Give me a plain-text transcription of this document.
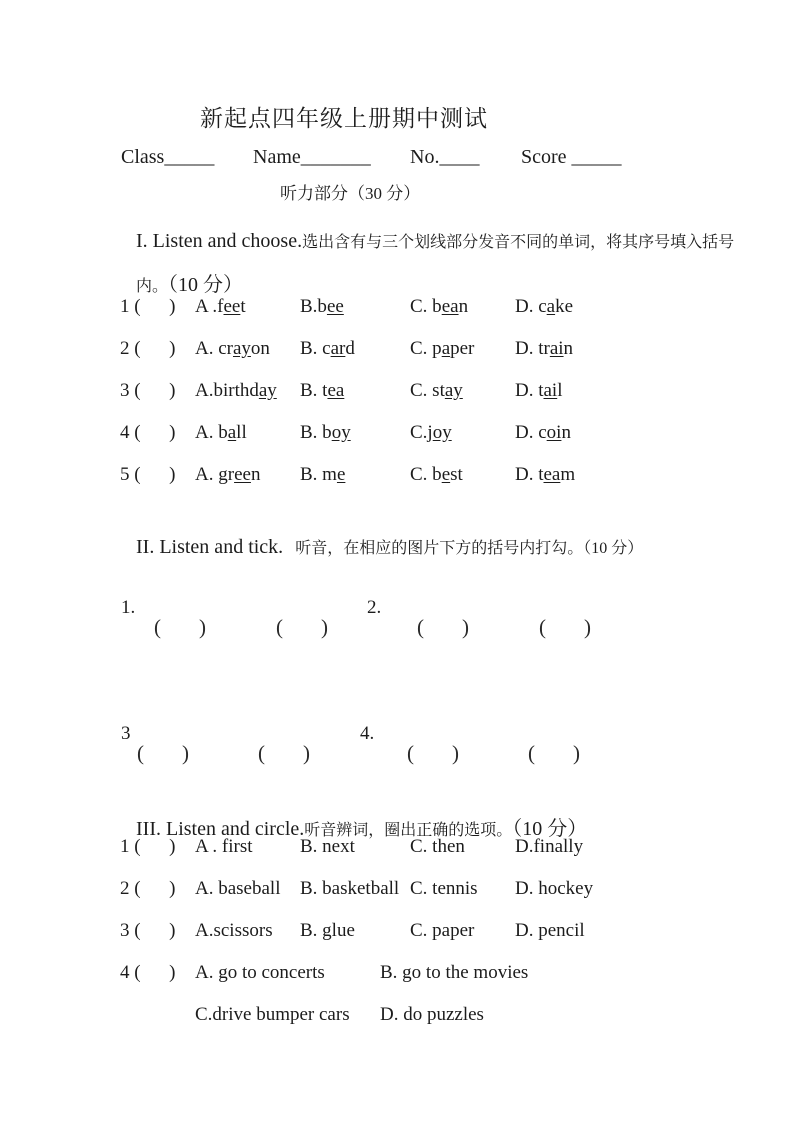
新起点四年级上册期中测试
Class_____ Name_______ No.____ Score _____
听力部分（30 分）

I. Listen and choose.选出含有与三个划线部分发音不同的单词，将其序号填入括号

内。（10 分）

1 (      )	A .feet	B.bee	C. bean	D. cake
2 (      )	A. crayon	B. card	C. paper	D. train
3 (      )	A.birthday	B. tea	C. stay	D. tail
4 (      )	A. ball	B. boy	C.joy	D. coin
5 (      )	A. green	B. me	C. best	D. team

II. Listen and tick. 听音，在相应的图片下方的括号内打勾。（10 分）

1.	2.
( )	( )	( )	( )
3	4.
( )	( )	( )	( )

III. Listen and circle.听音辨词，圈出正确的选项。（10 分）

1 (      )	A . first	B. next	C. then	D.finally
2 (      )	A. baseball	B. basketball C. tennis	D. hockey
3 (      )	A.scissors	B. glue	C. paper	D. pencil
4 (      )	A. go to concerts	B. go to the movies
C.drive bumper cars	D. do puzzles
